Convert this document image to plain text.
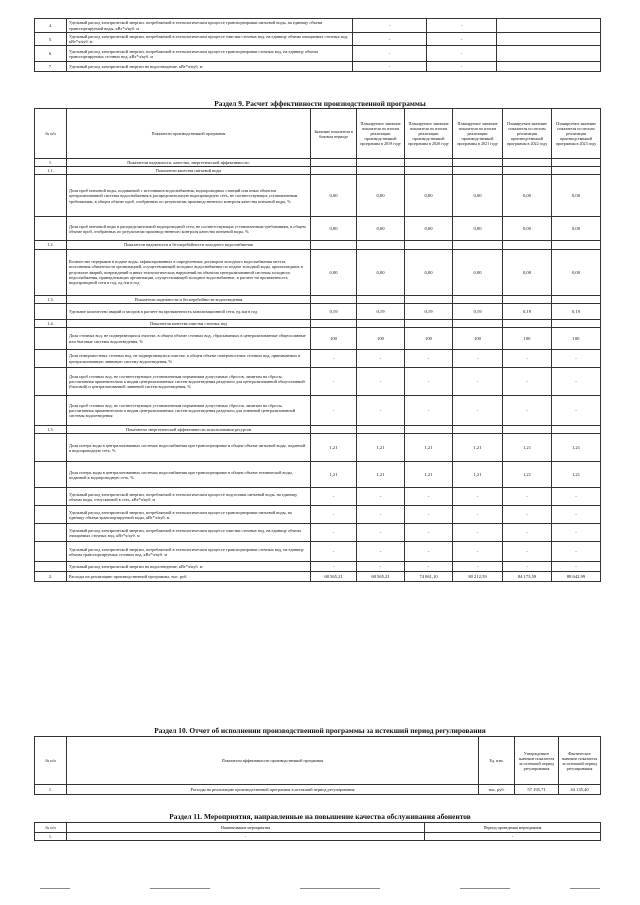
4.	Удельный расход электрической энергии, потребляемой в технологическом процессе транспортировки питьевой воды, на единицу объема транспортируемой воды, кВт*ч/куб. м	-	-	
5.	Удельный расход электрической энергии, потребляемой в технологическом процессе очистки сточных вод, на единицу объема очищаемых сточных вод, кВт*ч/куб. м	-	-	
6.	Удельный расход электрической энергии, потребляемой в технологическом процессе транспортировки сточных вод, на единицу объема транспортируемых сточных вод, кВт*ч/куб. м	-	-	
7.	Удельный расход электрической энергии на водоотведение, кВт*ч/куб. м	-	-	
Раздел 9. Расчет эффективности производственной программы
№ п/п	Показатели производственной программы	Значение показателя в базовом периоде	Планируемое значение показателя по итогам реализации производственной программы в 2019 году	Планируемое значение показателя по итогам реализации производственной программы в 2020 году	Планируемое значение показателя по итогам реализации производственной программы в 2021 году	Планируемое значение показателя по итогам реализации производственной программы в 2022 году	Планируемое значение показателя по итогам реализации производственной программы в 2023 году
1.	Показатели надежности, качества, энергетической эффективности:						
1.1.	Показатели качества питьевой воды						
	Доля проб питьевой воды, подаваемой с источников водоснабжения, водопроводных станций или иных объектов централизованной системы водоснабжения в распределительную водопроводную сеть, не соответствующих установленным требованиям, в общем объеме проб, отобранных по результатам производственного контроля качества питьевой воды, %	0,00	0,00	0,00	0,00	0,00	0,00
	Доля проб питьевой воды в распределительной водопроводной сети, не соответствующих установленным требованиям, в общем объеме проб, отобранных по результатам производственного контроля качества питьевой воды, %	0,00	0,00	0,00	0,00	0,00	0,00
1.2.	Показатели надежности и бесперебойности холодного водоснабжения						
	Количество перерывов в подаче воды, зафиксированных в определенных договором холодного водоснабжения местах исполнения обязательств организацией, осуществляющей холодное водоснабжение по подаче холодной воды, произошедших в результате аварий, повреждений и иных технологических нарушений на объектах централизованной системы холодного водоснабжения, принадлежащих организации, осуществляющей холодное водоснабжение, в расчете на протяженность водопроводной сети в год, ед./км в год	0,00	0,00	0,00	0,00	0,00	0,00
1.3.	Показатели надежности и бесперебойности водоотведения						
	Удельное количество аварий и засоров в расчете на протяженность канализационной сети, ед./км в год	0,19	0,19	0,19	0,19	0,19	0,19
1.4.	Показатели качества очистки сточных вод						
	Доля сточных вод, не подвергающихся очистке, в общем объеме сточных вод, сбрасываемых в централизованные общесплавные или бытовые системы водоотведения, %	100	100	100	100	100	100
	Доля поверхностных сточных вод, не подвергающихся очистке, в общем объеме поверхностных сточных вод, принимаемых в централизованную ливневую систему водоотведения, %	-	-	-	-	-	-
	Доля проб сточных вод, не соответствующих установленным нормативам допустимых сбросов, лимитам на сбросы, рассчитанная применительно к видам централизованных систем водоотведения раздельно для централизованной общесплавной (бытовой) и централизованной ливневой систем водоотведения, %	-	-	-	-	-	-
	Доля проб сточных вод, не соответствующих установленным нормативам допустимых сбросов, лимитам на сбросы, рассчитанная применительно к видам централизованных систем водоотведения раздельно для ливневой централизованной системы водоотведения	-	-	-	-	-	-
1.5.	Показатели энергетической эффективности использования ресурсов						
	Доля потерь воды в централизованных системах водоснабжения при транспортировке в общем объеме питьевой воды, поданной в водопроводную сеть, %	1,21	1,21	1,21	1,21	1,21	1,21
	Доля потерь воды в централизованных системах водоснабжения при транспортировке в общем объеме технической воды, поданной в водопроводную сеть, %	1,21	1,21	1,21	1,21	1,21	1,21
	Удельный расход электрической энергии, потребляемой в технологическом процессе подготовки питьевой воды, на единицу объема воды, отпускаемой в сеть, кВт*ч/куб. м	-	-	-	-	-	-
	Удельный расход электрической энергии, потребляемой в технологическом процессе транспортировки питьевой воды, на единицу объема транспортируемой воды, кВт*ч/куб. м	-	-	-	-	-	-
	Удельный расход электрической энергии, потребляемой в технологическом процессе очистки сточных вод, на единицу объема очищаемых сточных вод, кВт*ч/куб. м	-	-	-	-	-	-
	Удельный расход электрической энергии, потребляемой в технологическом процессе транспортировки сточных вод, на единицу объема транспортируемых сточных вод, кВт*ч/куб. м	-	-	-	-	-	-
	Удельный расход электрической энергии на водоотведение, кВт*ч/куб. м	-	-	-	-	-	-
2.	Расходы на реализацию производственной программы, тыс. руб.	68 565,21	68 565,21	74 061,10	80 212,59	84 173,59	88 642,99
Раздел 10. Отчет об исполнении производственной программы за истекший период регулирования
№ п/п	Показатели эффективности производственной программы	Ед. изм.	Утвержденное значение показателя за истекший период регулирования	Фактическое значение показателя за истекший период регулирования
1.	Расходы на реализацию производственной программы в истекший период регулирования	тыс. руб.	57 195,71	44 135,40
Раздел 11. Мероприятия, направленные на повышение качества обслуживания абонентов
№ п/п	Наименование мероприятия	Период проведения мероприятия
1.	-	-
